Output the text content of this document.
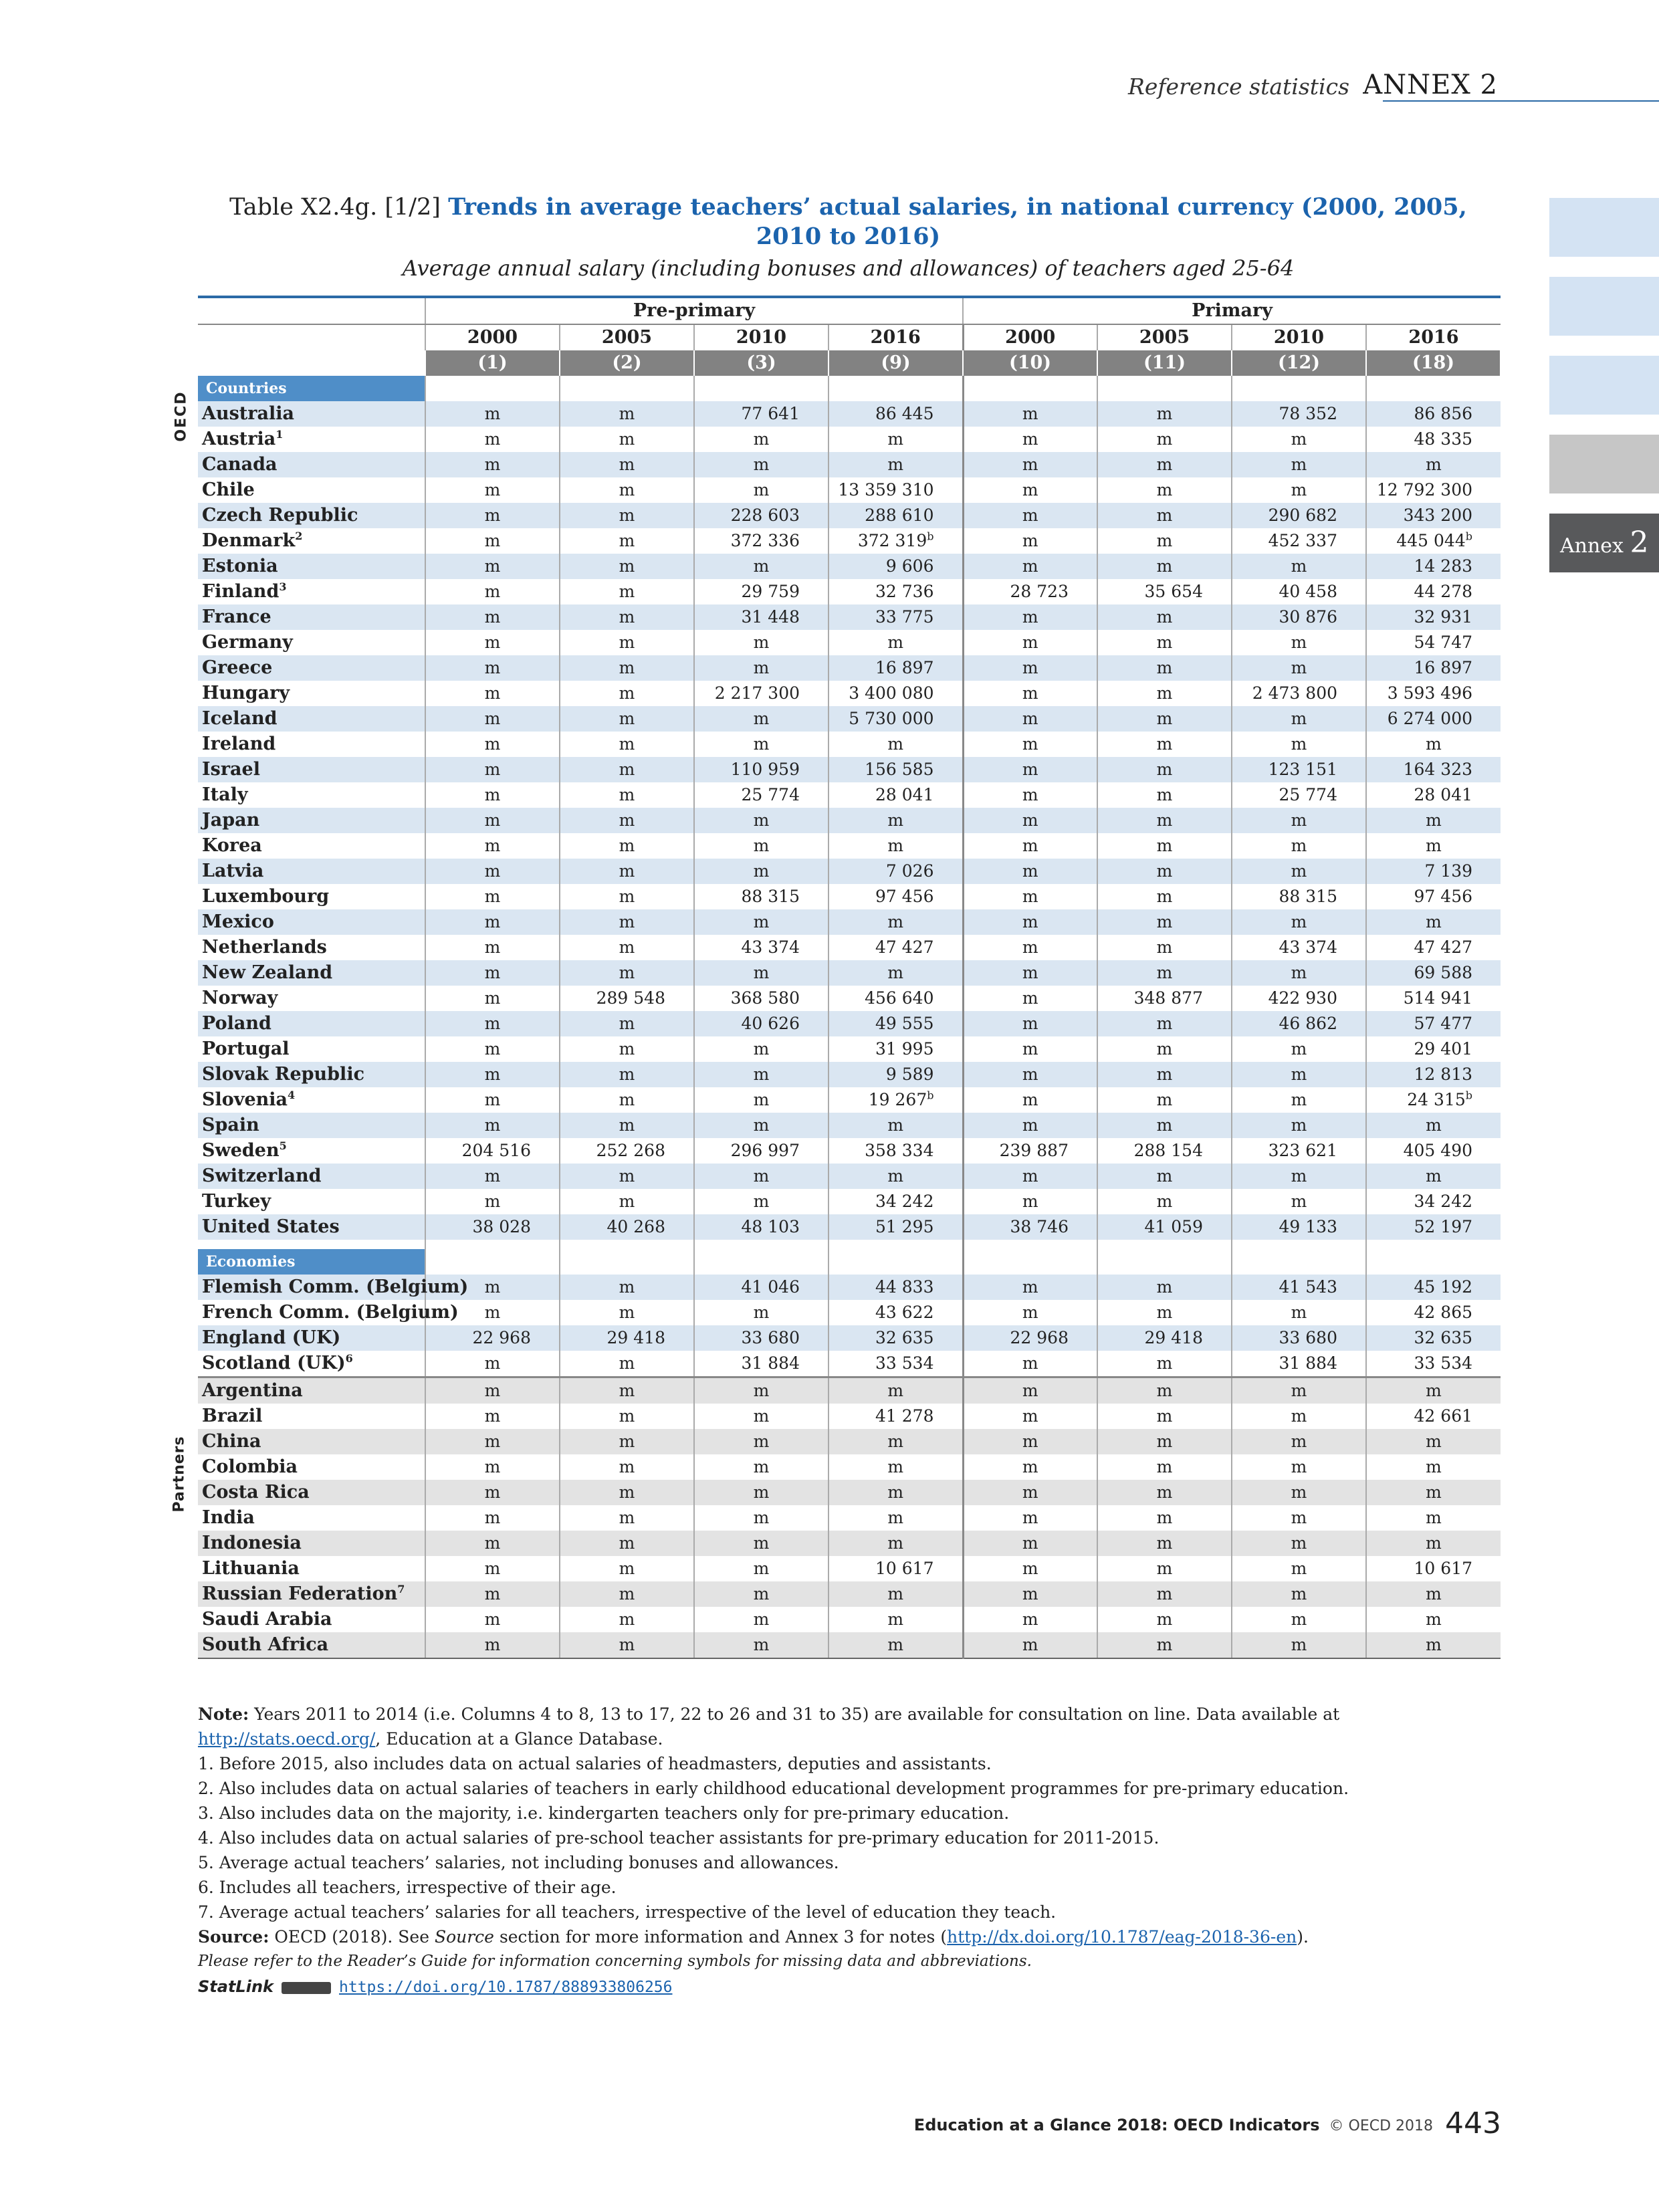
Reference statistics ANNEX 2
Annex 2
Table X2.4g. [1/2] Trends in average teachers’ actual salaries, in national currency (2000, 2005, 2010 to 2016)
Average annual salary (including bonuses and allowances) of teachers aged 25-64
OECD
Partners
	Pre-primary				Primary			
	2000	2005	2010	2016	2000	2005	2010	2016
	(1)	(2)	(3)	(9)	(10)	(11)	(12)	(18)
Countries								
Australia	m	m	77 641	86 445	m	m	78 352	86 856
Austria$^1$	m	m	m	m	m	m	m	48 335
Canada	m	m	m	m	m	m	m	m
Chile	m	m	m	13 359 310	m	m	m	12 792 300
Czech Republic	m	m	228 603	288 610	m	m	290 682	343 200
Denmark$^2$	m	m	372 336	372 319$^b$	m	m	452 337	445 044$^b$
Estonia	m	m	m	9 606	m	m	m	14 283
Finland$^3$	m	m	29 759	32 736	28 723	35 654	40 458	44 278
France	m	m	31 448	33 775	m	m	30 876	32 931
Germany	m	m	m	m	m	m	m	54 747
Greece	m	m	m	16 897	m	m	m	16 897
Hungary	m	m	2 217 300	3 400 080	m	m	2 473 800	3 593 496
Iceland	m	m	m	5 730 000	m	m	m	6 274 000
Ireland	m	m	m	m	m	m	m	m
Israel	m	m	110 959	156 585	m	m	123 151	164 323
Italy	m	m	25 774	28 041	m	m	25 774	28 041
Japan	m	m	m	m	m	m	m	m
Korea	m	m	m	m	m	m	m	m
Latvia	m	m	m	7 026	m	m	m	7 139
Luxembourg	m	m	88 315	97 456	m	m	88 315	97 456
Mexico	m	m	m	m	m	m	m	m
Netherlands	m	m	43 374	47 427	m	m	43 374	47 427
New Zealand	m	m	m	m	m	m	m	69 588
Norway	m	289 548	368 580	456 640	m	348 877	422 930	514 941
Poland	m	m	40 626	49 555	m	m	46 862	57 477
Portugal	m	m	m	31 995	m	m	m	29 401
Slovak Republic	m	m	m	9 589	m	m	m	12 813
Slovenia$^4$	m	m	m	19 267$^b$	m	m	m	24 315$^b$
Spain	m	m	m	m	m	m	m	m
Sweden$^5$	204 516	252 268	296 997	358 334	239 887	288 154	323 621	405 490
Switzerland	m	m	m	m	m	m	m	m
Turkey	m	m	m	34 242	m	m	m	34 242
United States	38 028	40 268	48 103	51 295	38 746	41 059	49 133	52 197

Economies								
Flemish Comm. (Belgium)	m	m	41 046	44 833	m	m	41 543	45 192
French Comm. (Belgium)	m	m	m	43 622	m	m	m	42 865
England (UK)	22 968	29 418	33 680	32 635	22 968	29 418	33 680	32 635
Scotland (UK)$^6$	m	m	31 884	33 534	m	m	31 884	33 534
Argentina	m	m	m	m	m	m	m	m
Brazil	m	m	m	41 278	m	m	m	42 661
China	m	m	m	m	m	m	m	m
Colombia	m	m	m	m	m	m	m	m
Costa Rica	m	m	m	m	m	m	m	m
India	m	m	m	m	m	m	m	m
Indonesia	m	m	m	m	m	m	m	m
Lithuania	m	m	m	10 617	m	m	m	10 617
Russian Federation$^7$	m	m	m	m	m	m	m	m
Saudi Arabia	m	m	m	m	m	m	m	m
South Africa	m	m	m	m	m	m	m	m

Note: Years 2011 to 2014 (i.e. Columns 4 to 8, 13 to 17, 22 to 26 and 31 to 35) are available for consultation on line. Data available at http://stats.oecd.org/, Education at a Glance Database.

1. Before 2015, also includes data on actual salaries of headmasters, deputies and assistants.

2. Also includes data on actual salaries of teachers in early childhood educational development programmes for pre-primary education.

3. Also includes data on the majority, i.e. kindergarten teachers only for pre-primary education.

4. Also includes data on actual salaries of pre-school teacher assistants for pre-primary education for 2011-2015.

5. Average actual teachers’ salaries, not including bonuses and allowances.

6. Includes all teachers, irrespective of their age.

7. Average actual teachers’ salaries for all teachers, irrespective of the level of education they teach.

Source: OECD (2018). See Source section for more information and Annex 3 for notes (http://dx.doi.org/10.1787/eag-2018-36-en).

Please refer to the Reader’s Guide for information concerning symbols for missing data and abbreviations.

StatLink	https://doi.org/10.1787/888933806256

Education at a Glance 2018: OECD Indicators © OECD 2018 443
